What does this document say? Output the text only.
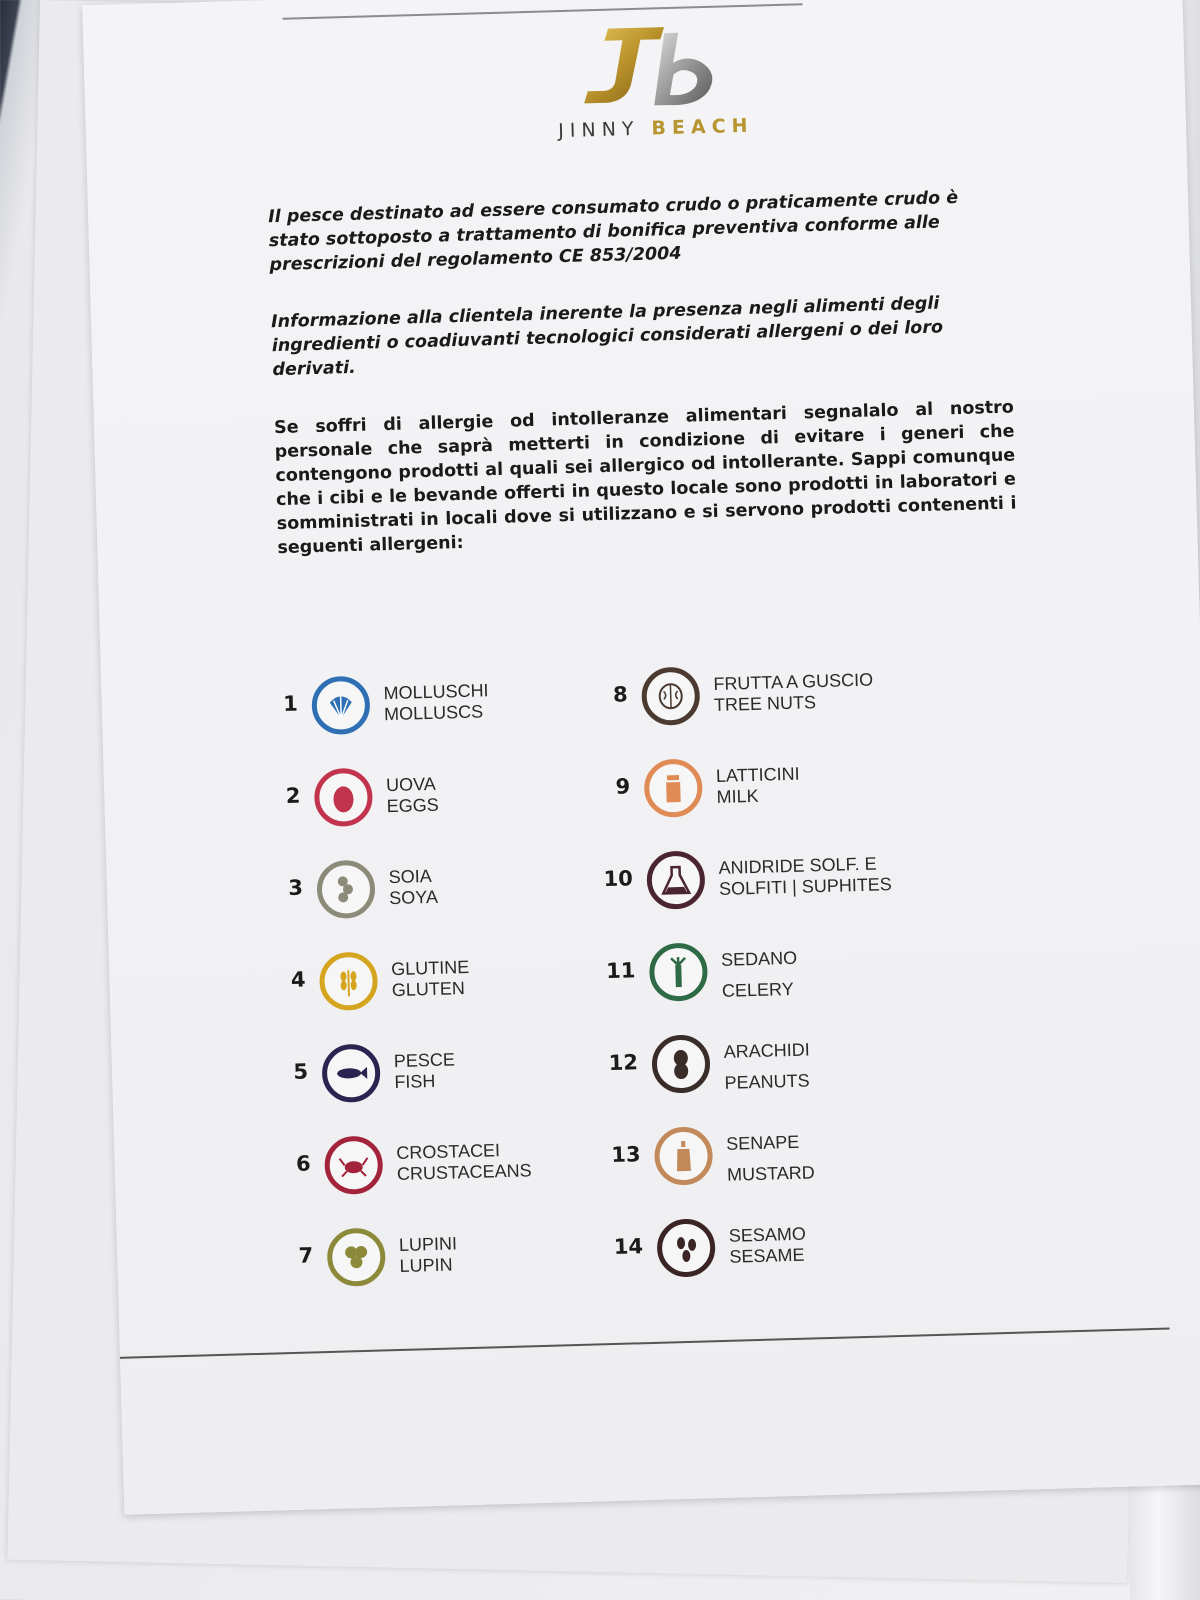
JINNY BEACH
Il pesce destinato ad essere consumato crudo o praticamente crudo è stato sottoposto a trattamento di bonifica preventiva conforme alle prescrizioni del regolamento CE 853/2004
Informazione alla clientela inerente la presenza negli alimenti degli ingredienti o coadiuvanti tecnologici considerati allergeni o dei loro derivati.
Se soffri di allergie od intolleranze alimentari segnalalo al nostro personale che saprà metterti in condizione di evitare i generi che contengono prodotti al quali sei allergico od intollerante. Sappi comunque che i cibi e le bevande offerti in questo locale sono prodotti in laboratori e somministrati in locali dove si utilizzano e si servono prodotti contenenti i seguenti allergeni:
1	MOLLUSCHI
MOLLUSCS
2	UOVA
EGGS
3	SOIA
SOYA
4	GLUTINE
GLUTEN
5	PESCE
FISH
6	CROSTACEI
CRUSTACEANS
7	LUPINI
LUPIN
8
FRUTTA A GUSCIO
TREE NUTS
9	LATTICINI
MILK
10
ANIDRIDE SOLF. E
SOLFITI | SUPHITES
11	SEDANO
CELERY
12	ARACHIDI
PEANUTS
13	SENAPE
MUSTARD
14	SESAMO
SESAME
